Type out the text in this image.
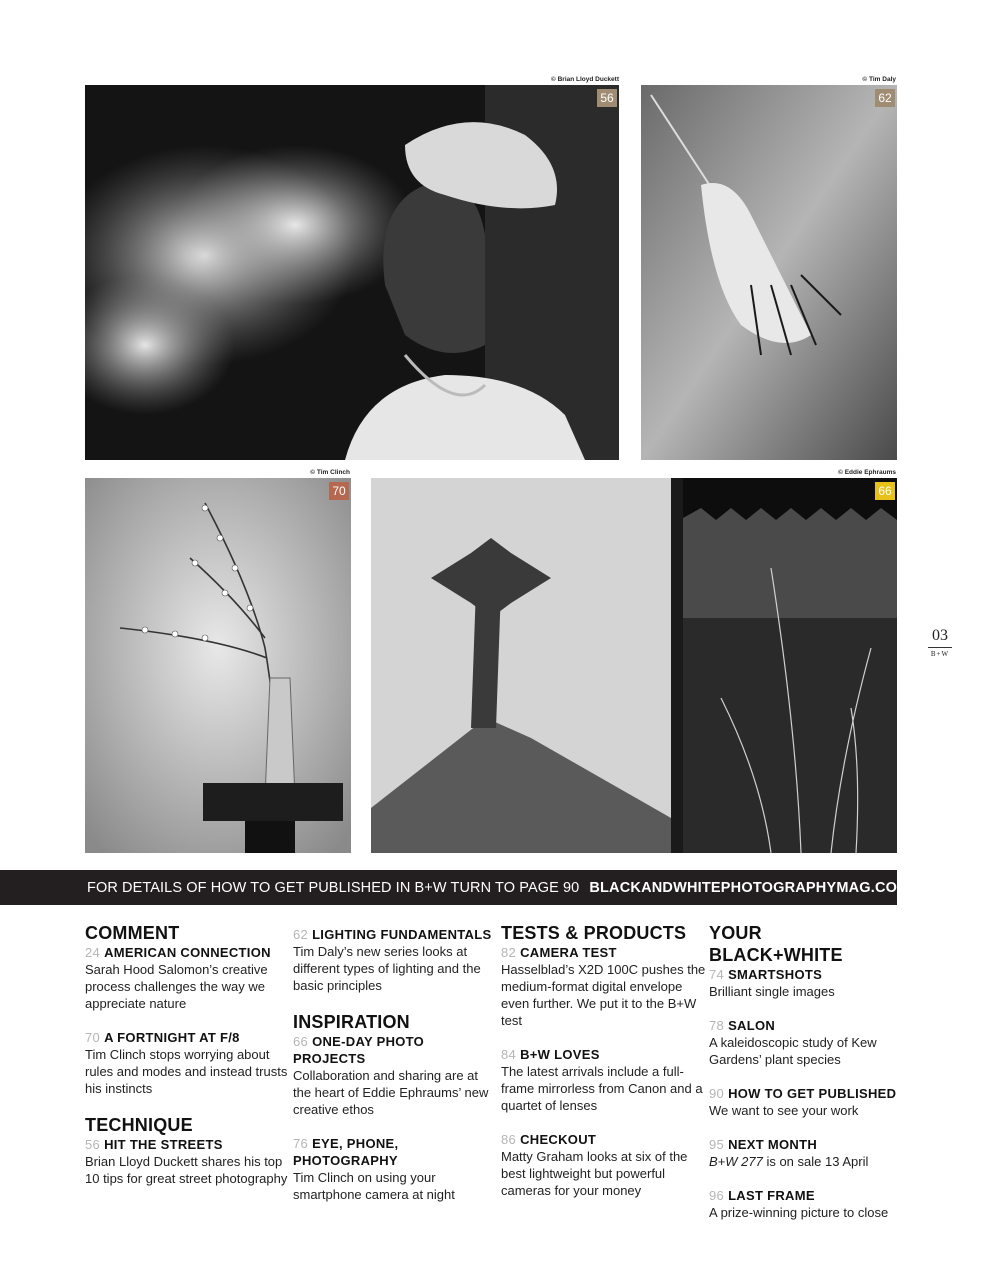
© Brian Lloyd Duckett	© Tim Daly
© Tim Clinch	© Eddie Ephraums
56	62
70	66
03
B+W
FOR DETAILS OF HOW TO GET PUBLISHED IN B+W TURN TO PAGE 90 BLACKANDWHITEPHOTOGRAPHYMAG.CO.UK
COMMENT
24 AMERICAN CONNECTION
Sarah Hood Salomon’s creative process challenges the way we appreciate nature
70 A FORTNIGHT AT F/8
Tim Clinch stops worrying about rules and modes and instead trusts his instincts
TECHNIQUE
56 HIT THE STREETS
Brian Lloyd Duckett shares his top 10 tips for great street photography
62 LIGHTING FUNDAMENTALS
Tim Daly’s new series looks at different types of lighting and the basic principles
INSPIRATION
66 ONE-DAY PHOTO PROJECTS
Collaboration and sharing are at the heart of Eddie Ephraums’ new creative ethos
76 EYE, PHONE, PHOTOGRAPHY
Tim Clinch on using your smartphone camera at night
TESTS & PRODUCTS
82 CAMERA TEST
Hasselblad’s X2D 100C pushes the medium-format digital envelope even further. We put it to the B+W test
84 B+W LOVES
The latest arrivals include a full-frame mirrorless from Canon and a quartet of lenses
86 CHECKOUT
Matty Graham looks at six of the best lightweight but powerful cameras for your money
YOUR BLACK+WHITE
74 SMARTSHOTS
Brilliant single images
78 SALON
A kaleidoscopic study of Kew Gardens’ plant species
90 HOW TO GET PUBLISHED
We want to see your work
95 NEXT MONTH
B+W 277 is on sale 13 April
96 LAST FRAME
A prize-winning picture to close
